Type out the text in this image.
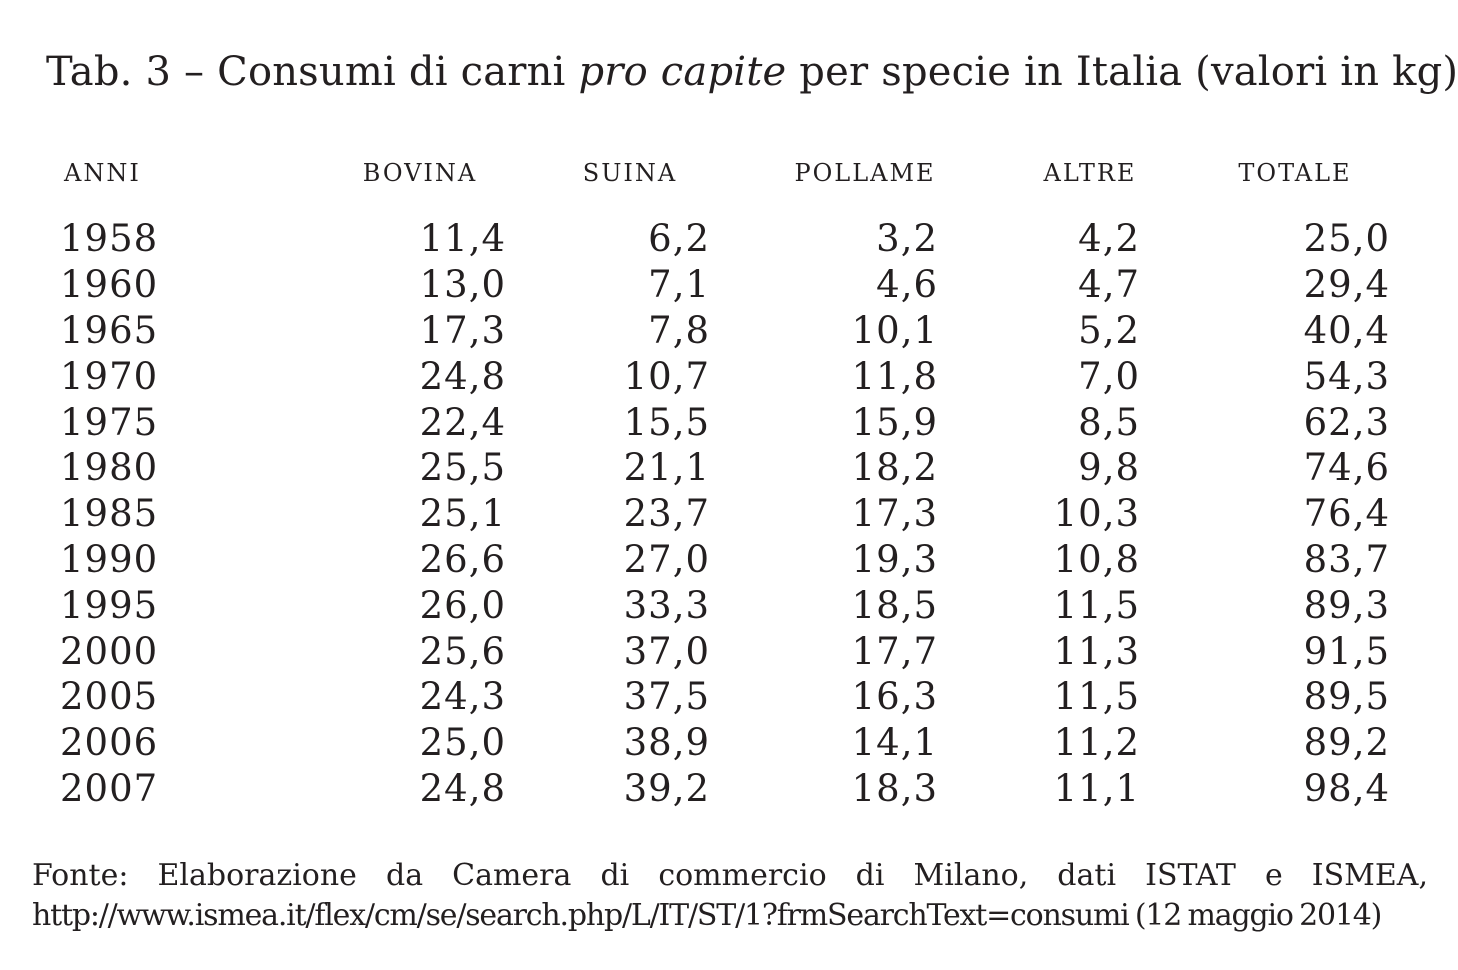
Tab. 3 – Consumi di carni pro capite per specie in Italia (valori in kg)
ANNI	BOVINA	SUINA	POLLAME	ALTRE	TOTALE

1958	11,4	6,2	3,2	4,2	25,0
1960	13,0	7,1	4,6	4,7	29,4
1965	17,3	7,8	10,1	5,2	40,4
1970	24,8	10,7	11,8	7,0	54,3
1975	22,4	15,5	15,9	8,5	62,3
1980	25,5	21,1	18,2	9,8	74,6
1985	25,1	23,7	17,3	10,3	76,4
1990	26,6	27,0	19,3	10,8	83,7
1995	26,0	33,3	18,5	11,5	89,3
2000	25,6	37,0	17,7	11,3	91,5
2005	24,3	37,5	16,3	11,5	89,5
2006	25,0	38,9	14,1	11,2	89,2
2007	24,8	39,2	18,3	11,1	98,4
Fonte: Elaborazione da Camera di commercio di Milano, dati ISTAT e ISMEA,
http://www.ismea.it/flex/cm/se/search.php/L/IT/ST/1?frmSearchText=consumi (12 maggio 2014)
